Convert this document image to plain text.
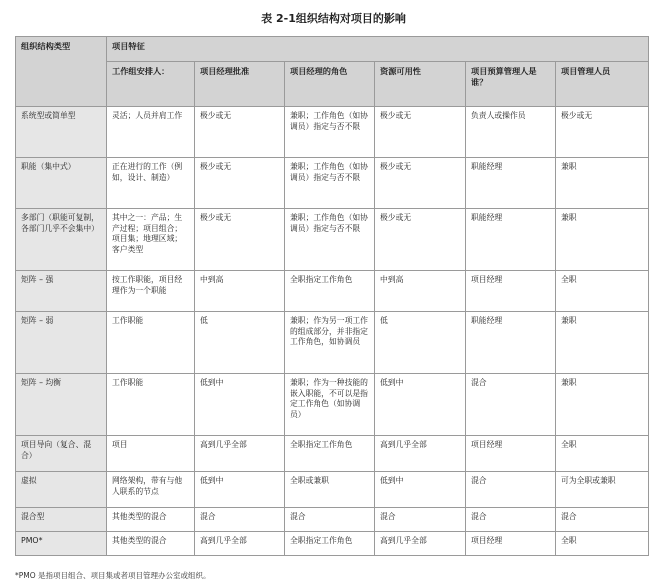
表 2-1组织结构对项目的影响
组织结构类型	项目特征					
	工作组安排人：	项目经理批准	项目经理的角色	资源可用性	项目预算管理人是谁？	项目管理人员
系统型或简单型	灵活；人员并肩工作	极少或无	兼职；工作角色（如协调员）指定与否不限	极少或无	负责人或操作员	极少或无
职能（集中式）	正在进行的工作（例如，设计、制造）	极少或无	兼职；工作角色（如协调员）指定与否不限	极少或无	职能经理	兼职
多部门（职能可复制，各部门几乎不会集中）	其中之一：产品；生产过程；项目组合；项目集；地理区域；客户类型	极少或无	兼职；工作角色（如协调员）指定与否不限	极少或无	职能经理	兼职
矩阵 – 强	按工作职能，项目经理作为一个职能	中到高	全职指定工作角色	中到高	项目经理	全职
矩阵 – 弱	工作职能	低	兼职；作为另一项工作的组成部分，并非指定工作角色，如协调员	低	职能经理	兼职
矩阵 – 均衡	工作职能	低到中	兼职；作为一种技能的嵌入职能，不可以是指定工作角色（如协调员）	低到中	混合	兼职
项目导向（复合、混合）	项目	高到几乎全部	全职指定工作角色	高到几乎全部	项目经理	全职
虚拟	网络架构，带有与他人联系的节点	低到中	全职或兼职	低到中	混合	可为全职或兼职
混合型	其他类型的混合	混合	混合	混合	混合	混合
PMO*	其他类型的混合	高到几乎全部	全职指定工作角色	高到几乎全部	项目经理	全职
*PMO 是指项目组合、项目集或者项目管理办公室或组织。
